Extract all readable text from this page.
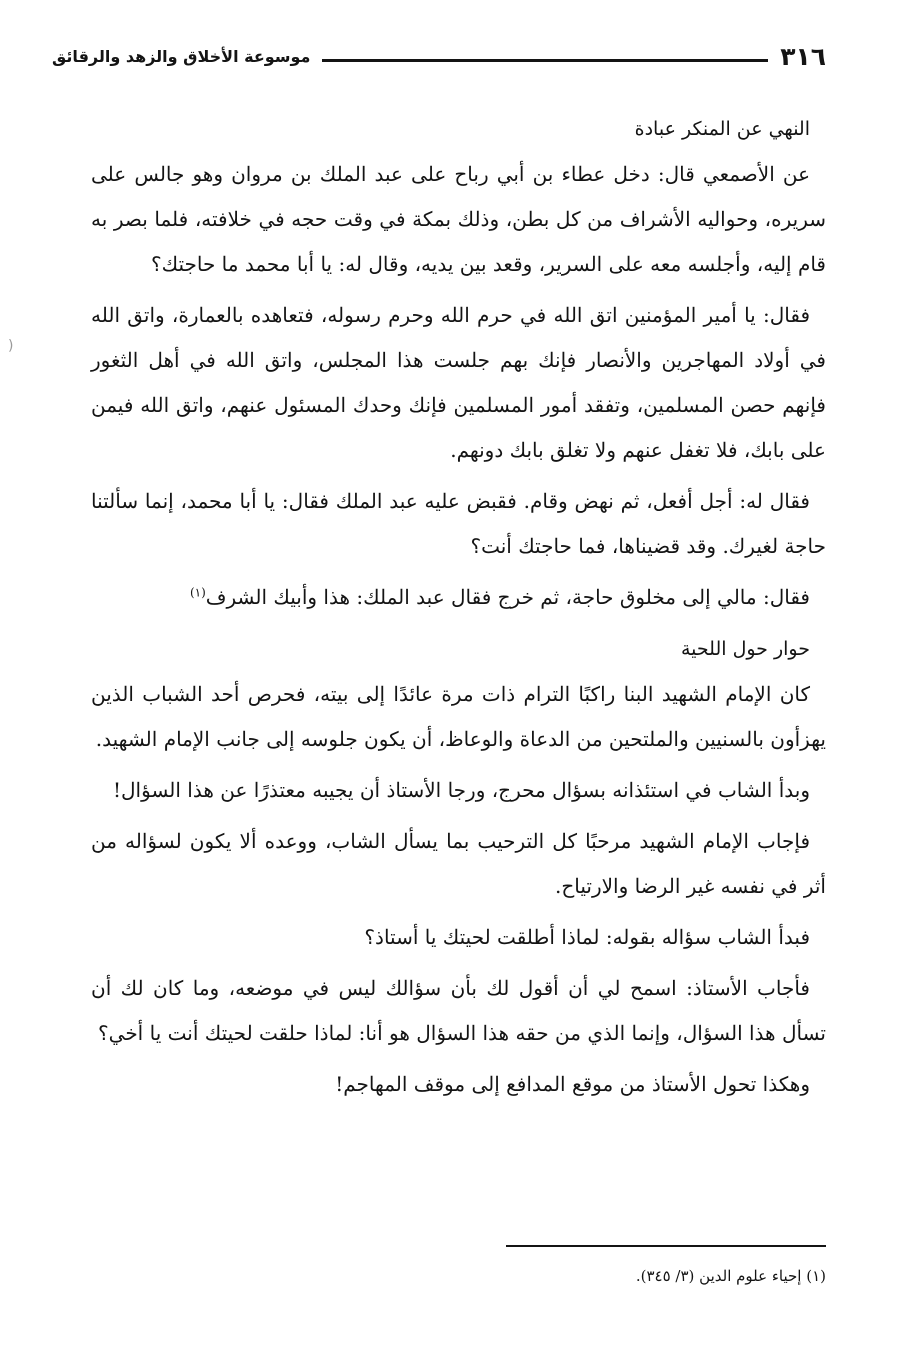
٣١٦
موسوعة الأخلاق والزهد والرقائق
النهي عن المنكر عبادة

عن الأصمعي قال: دخل عطاء بن أبي رباح على عبد الملك بن مروان وهو جالس على سريره، وحواليه الأشراف من كل بطن، وذلك بمكة في وقت حجه في خلافته، فلما بصر به قام إليه، وأجلسه معه على السرير، وقعد بين يديه، وقال له: يا أبا محمد ما حاجتك؟

فقال: يا أمير المؤمنين اتق الله في حرم الله وحرم رسوله، فتعاهده بالعمارة، واتق الله في أولاد المهاجرين والأنصار فإنك بهم جلست هذا المجلس، واتق الله في أهل الثغور فإنهم حصن المسلمين، وتفقد أمور المسلمين فإنك وحدك المسئول عنهم، واتق الله فيمن على بابك، فلا تغفل عنهم ولا تغلق بابك دونهم.

فقال له: أجل أفعل، ثم نهض وقام. فقبض عليه عبد الملك فقال: يا أبا محمد، إنما سألتنا حاجة لغيرك. وقد قضيناها، فما حاجتك أنت؟

فقال: مالي إلى مخلوق حاجة، ثم خرج فقال عبد الملك: هذا وأبيك الشرف$^{(١)}$

حوار حول اللحية

كان الإمام الشهيد البنا راكبًا الترام ذات مرة عائدًا إلى بيته، فحرص أحد الشباب الذين يهزأون بالسنيين والملتحين من الدعاة والوعاظ، أن يكون جلوسه إلى جانب الإمام الشهيد.

وبدأ الشاب في استئذانه بسؤال محرج، ورجا الأستاذ أن يجيبه معتذرًا عن هذا السؤال!

فإجاب الإمام الشهيد مرحبًا كل الترحيب بما يسأل الشاب، ووعده ألا يكون لسؤاله من أثر في نفسه غير الرضا والارتياح.

فبدأ الشاب سؤاله بقوله: لماذا أطلقت لحيتك يا أستاذ؟

فأجاب الأستاذ: اسمح لي أن أقول لك بأن سؤالك ليس في موضعه، وما كان لك أن تسأل هذا السؤال، وإنما الذي من حقه هذا السؤال هو أنا: لماذا حلقت لحيتك أنت يا أخي؟

وهكذا تحول الأستاذ من موقع المدافع إلى موقف المهاجم!

(١) إحياء علوم الدين (٣/ ٣٤٥).
(
